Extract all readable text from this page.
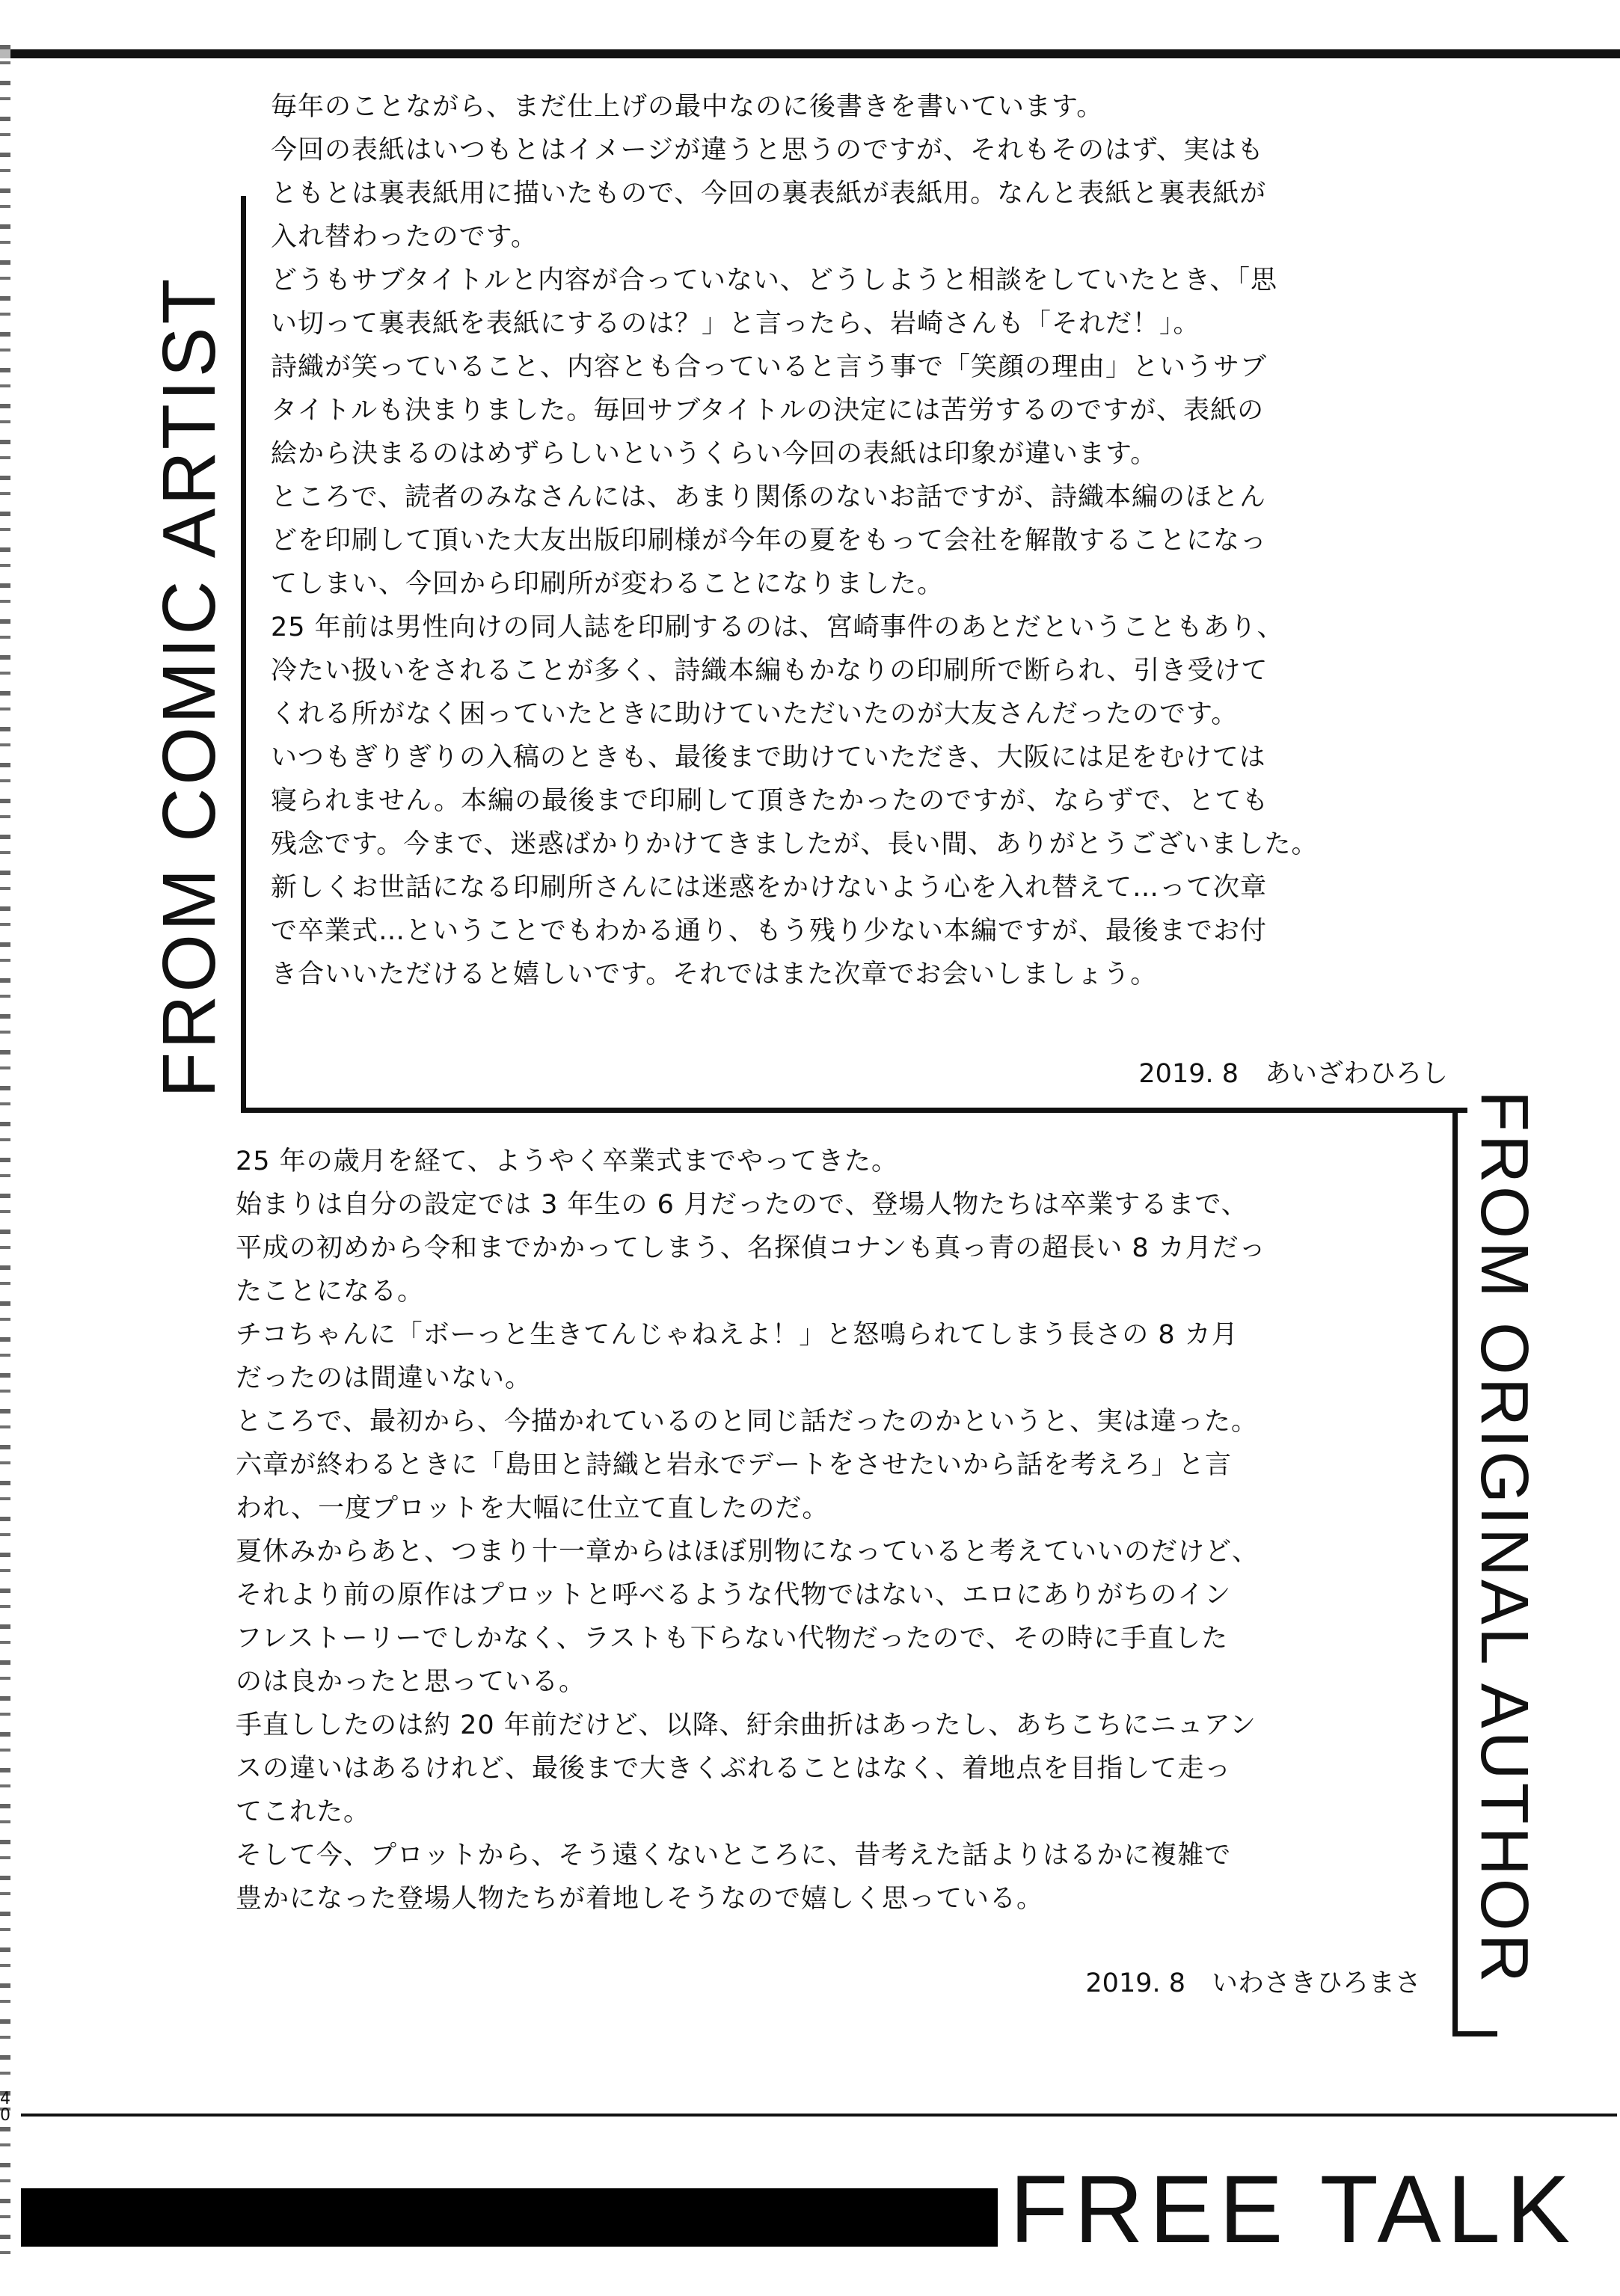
FROM COMIC ARTIST

毎年のことながら、まだ仕上げの最中なのに後書きを書いています。

今回の表紙はいつもとはイメージが違うと思うのですが、それもそのはず、実はも

ともとは裏表紙用に描いたもので、今回の裏表紙が表紙用。なんと表紙と裏表紙が

入れ替わったのです。

どうもサブタイトルと内容が合っていない、どうしようと相談をしていたとき、「思

い切って裏表紙を表紙にするのは？」と言ったら、岩崎さんも「それだ！」。

詩織が笑っていること、内容とも合っていると言う事で「笑顔の理由」というサブ

タイトルも決まりました。毎回サブタイトルの決定には苦労するのですが、表紙の

絵から決まるのはめずらしいというくらい今回の表紙は印象が違います。

ところで、読者のみなさんには、あまり関係のないお話ですが、詩織本編のほとん

どを印刷して頂いた大友出版印刷様が今年の夏をもって会社を解散することになっ

てしまい、今回から印刷所が変わることになりました。

25 年前は男性向けの同人誌を印刷するのは、宮崎事件のあとだということもあり、

冷たい扱いをされることが多く、詩織本編もかなりの印刷所で断られ、引き受けて

くれる所がなく困っていたときに助けていただいたのが大友さんだったのです。

いつもぎりぎりの入稿のときも、最後まで助けていただき、大阪には足をむけては

寝られません。本編の最後まで印刷して頂きたかったのですが、ならずで、とても

残念です。今まで、迷惑ばかりかけてきましたが、長い間、ありがとうございました。

新しくお世話になる印刷所さんには迷惑をかけないよう心を入れ替えて…って次章

で卒業式…ということでもわかる通り、もう残り少ない本編ですが、最後までお付

き合いいただけると嬉しいです。それではまた次章でお会いしましょう。

2019. 8　あいざわひろし
FROM ORIGINAL AUTHOR

25 年の歳月を経て、ようやく卒業式までやってきた。

始まりは自分の設定では 3 年生の 6 月だったので、登場人物たちは卒業するまで、

平成の初めから令和までかかってしまう、名探偵コナンも真っ青の超長い 8 カ月だっ

たことになる。

チコちゃんに「ボーっと生きてんじゃねえよ！」と怒鳴られてしまう長さの 8 カ月

だったのは間違いない。

ところで、最初から、今描かれているのと同じ話だったのかというと、実は違った。

六章が終わるときに「島田と詩織と岩永でデートをさせたいから話を考えろ」と言

われ、一度プロットを大幅に仕立て直したのだ。

夏休みからあと、つまり十一章からはほぼ別物になっていると考えていいのだけど、

それより前の原作はプロットと呼べるような代物ではない、エロにありがちのイン

フレストーリーでしかなく、ラストも下らない代物だったので、その時に手直した

のは良かったと思っている。

手直ししたのは約 20 年前だけど、以降、紆余曲折はあったし、あちこちにニュアン

スの違いはあるけれど、最後まで大きくぶれることはなく、着地点を目指して走っ

てこれた。

そして今、プロットから、そう遠くないところに、昔考えた話よりはるかに複雑で

豊かになった登場人物たちが着地しそうなので嬉しく思っている。

2019. 8　いわさきひろまさ
4
0
FREE TALK
